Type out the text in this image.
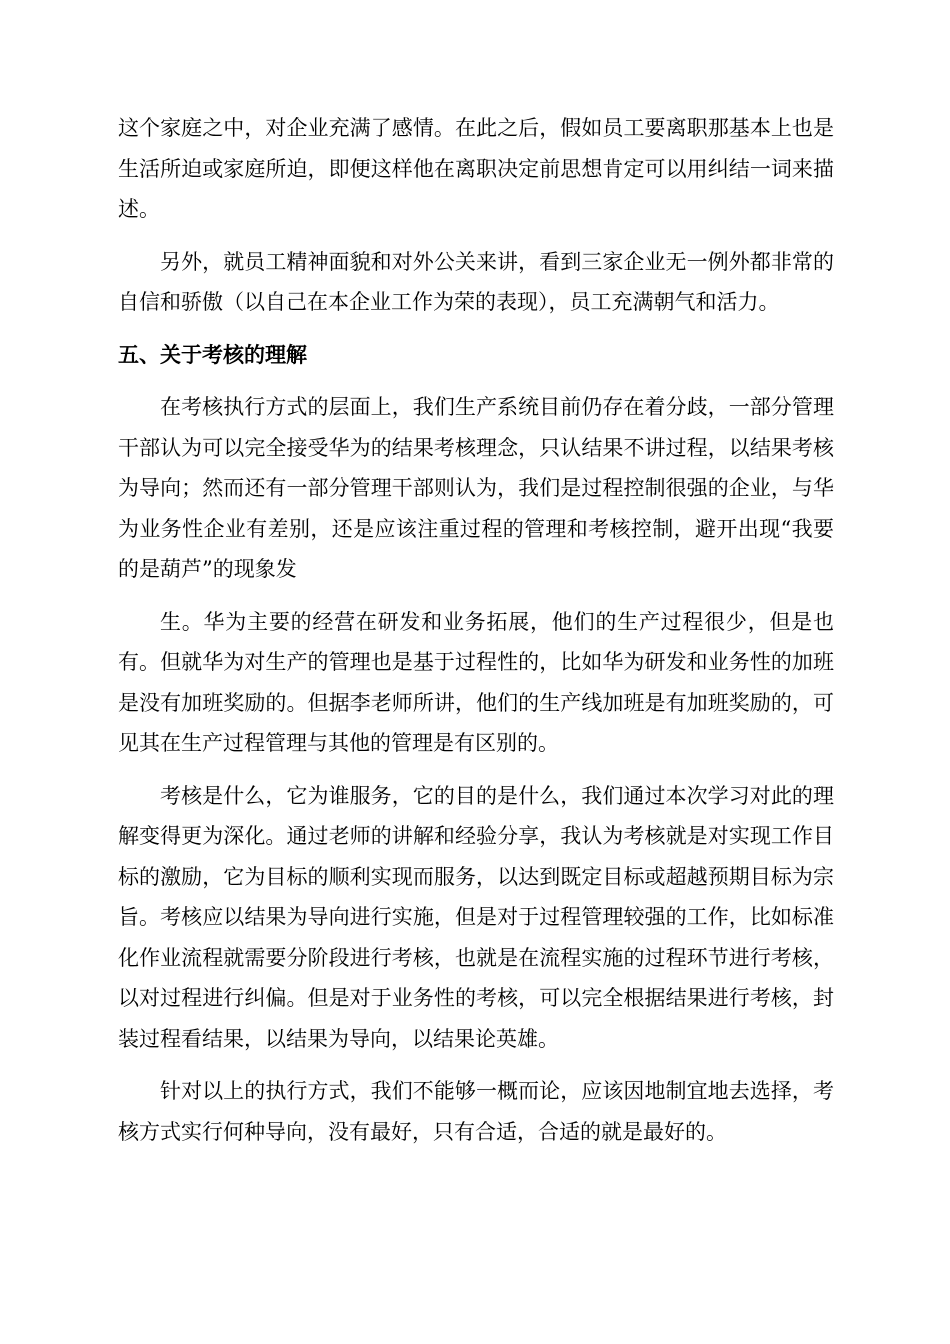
这个家庭之中，对企业充满了感情。在此之后，假如员工要离职那基本上也是生活所迫或家庭所迫，即便这样他在离职决定前思想肯定可以用纠结一词来描述。

另外，就员工精神面貌和对外公关来讲，看到三家企业无一例外都非常的自信和骄傲（以自己在本企业工作为荣的表现），员工充满朝气和活力。

五、关于考核的理解

在考核执行方式的层面上，我们生产系统目前仍存在着分歧，一部分管理干部认为可以完全接受华为的结果考核理念，只认结果不讲过程，以结果考核为导向；然而还有一部分管理干部则认为，我们是过程控制很强的企业，与华为业务性企业有差别，还是应该注重过程的管理和考核控制，避开出现“我要的是葫芦”的现象发

生。华为主要的经营在研发和业务拓展，他们的生产过程很少，但是也有。但就华为对生产的管理也是基于过程性的，比如华为研发和业务性的加班是没有加班奖励的。但据李老师所讲，他们的生产线加班是有加班奖励的，可见其在生产过程管理与其他的管理是有区别的。

考核是什么，它为谁服务，它的目的是什么，我们通过本次学习对此的理解变得更为深化。通过老师的讲解和经验分享，我认为考核就是对实现工作目标的激励，它为目标的顺利实现而服务，以达到既定目标或超越预期目标为宗旨。考核应以结果为导向进行实施，但是对于过程管理较强的工作，比如标准化作业流程就需要分阶段进行考核，也就是在流程实施的过程环节进行考核，以对过程进行纠偏。但是对于业务性的考核，可以完全根据结果进行考核，封装过程看结果，以结果为导向，以结果论英雄。

针对以上的执行方式，我们不能够一概而论，应该因地制宜地去选择，考核方式实行何种导向，没有最好，只有合适，合适的就是最好的。
